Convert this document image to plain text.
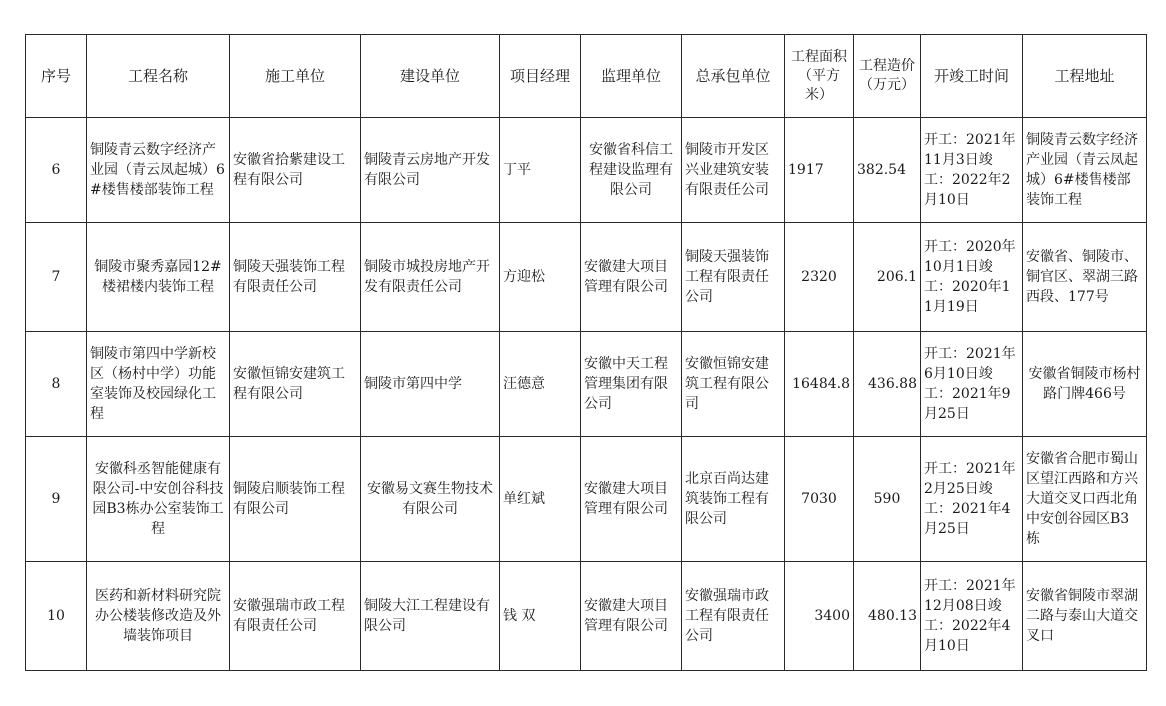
序号	工程名称	施工单位	建设单位	项目经理	监理单位	总承包单位	工程面积（平方米）	工程造价（万元）	开竣工时间	工程地址
6	铜陵青云数字经济产业园（青云凤起城）6#楼售楼部装饰工程	安徽省拾紫建设工程有限公司	铜陵青云房地产开发有限公司	丁平	安徽省科信工程建设监理有限公司	铜陵市开发区兴业建筑安装有限责任公司	1917	382.54	开工：2021年11月3日竣工：2022年2月10日	铜陵青云数字经济产业园（青云凤起城）6#楼售楼部装饰工程
7	铜陵市聚秀嘉园12#楼裙楼内装饰工程	铜陵天强装饰工程有限责任公司	铜陵市城投房地产开发有限责任公司	方迎松	安徽建大项目管理有限公司	铜陵天强装饰工程有限责任公司	2320	206.1	开工：2020年10月1日竣工：2020年11月19日	安徽省、铜陵市、铜官区、翠湖三路西段、177号
8	铜陵市第四中学新校区（杨村中学）功能室装饰及校园绿化工程	安徽恒锦安建筑工程有限公司	铜陵市第四中学	汪德意	安徽中天工程管理集团有限公司	安徽恒锦安建筑工程有限公司	16484.8	436.88	开工：2021年6月10日竣工：2021年9月25日	安徽省铜陵市杨村路门牌466号
9	安徽科丞智能健康有限公司-中安创谷科技园B3栋办公室装饰工程	铜陵启顺装饰工程有限公司	安徽易文赛生物技术有限公司	单红斌	安徽建大项目管理有限公司	北京百尚达建筑装饰工程有限公司	7030	590	开工：2021年2月25日竣工：2021年4月25日	安徽省合肥市蜀山区望江西路和方兴大道交叉口西北角中安创谷园区B3栋
10	医药和新材料研究院办公楼装修改造及外墙装饰项目	安徽强瑞市政工程有限责任公司	铜陵大江工程建设有限公司	钱 双	安徽建大项目管理有限公司	安徽强瑞市政工程有限责任公司	3400	480.13	开工：2021年12月08日竣工：2022年4月10日	安徽省铜陵市翠湖二路与泰山大道交叉口
